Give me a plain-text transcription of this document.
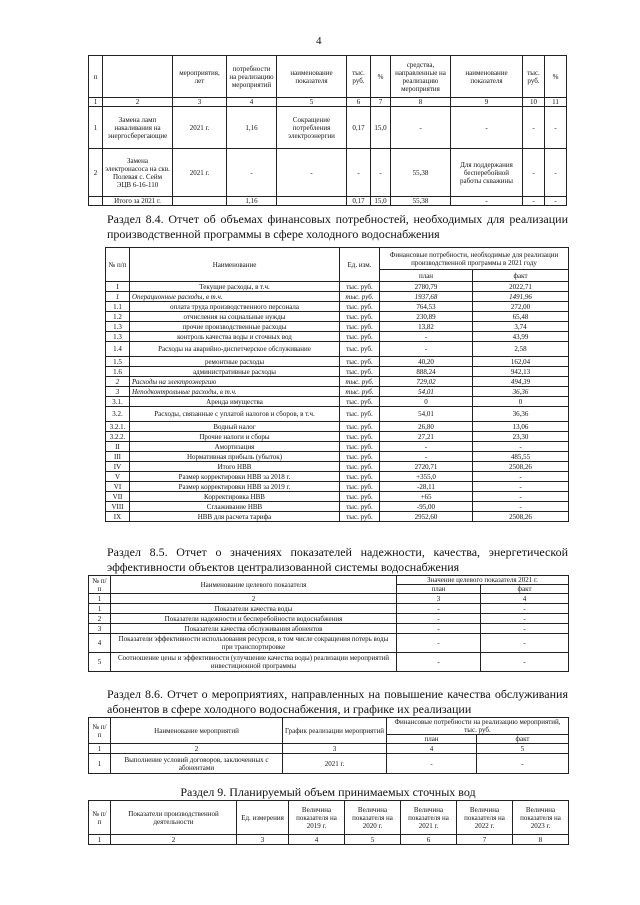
4
п		мероприятия, лет	потребности на реализацию мероприятий	наименование показателя	тыс. руб.	%	средства, направленные на реализацию мероприятия	наименование показателя	тыс. руб.	%
1	2	3	4	5	6	7	8	9	10	11
1	Замена ламп накаливания на энергосберегающие	2021 г.	1,16	Сокращение потребления электроэнергии	0,17	15,0	-	-	-	-
2	Замена электронасоса на скв. Полевая с. Сейм ЭЦВ 6-16-110	2021 г.	-	-	-	-	55,38	Для поддержания бесперебойной работы скважины	-	-
	Итого за 2021 г.		1,16		0,17	15,0	55,38	-	-	-
Раздел 8.4. Отчет об объемах финансовых потребностей, необходимых для реализации производственной программы в сфере холодного водоснабжения
№ п/п	Наименование	Ед. изм.	Финансовые потребности, необходимые для реализации производственной программы в 2021 году	
			план	факт
I	Текущие расходы, в т.ч.	тыс. руб.	2780,79	2022,71
1	Операционные расходы, в т.ч.	тыс. руб.	1937,68	1491,96
1.1	оплата труда производственного персонала	тыс. руб.	764,53	272,00
1.2	отчисления на социальные нужды	тыс. руб.	230,89	65,48
1.3	прочие производственные расходы	тыс. руб.	13,82	3,74
1.3	контроль качества воды и сточных вод	тыс. руб.	-	43,99
1.4	Расходы на аварийно-диспетчерское обслуживание	тыс. руб.	-	2,58
1.5	ремонтные расходы	тыс. руб.	40,20	162,04
1.6	административные расходы	тыс. руб.	888,24	942,13
2	Расходы на электроэнергию	тыс. руб.	729,02	494,39
3	Неподконтрольные расходы, в т.ч.	тыс. руб.	54,01	36,36
3.1.	Аренда имущества	тыс. руб.	0	0
3.2.	Расходы, связанные с уплатой налогов и сборов, в т.ч.	тыс. руб.	54,01	36,36
3.2.1.	Водный налог	тыс. руб.	26,80	13,06
3.2.2.	Прочие налоги и сборы	тыс. руб.	27,21	23,30
II	Амортизация	тыс. руб.	-	-
III	Нормативная прибыль (убыток)	тыс. руб.	-	485,55
IV	Итого НВВ	тыс. руб.	2720,71	2508,26
V	Размер корректировки НВВ за 2018 г.	тыс. руб.	+355,0	-
VI	Размер корректировки НВВ за 2019 г.	тыс. руб.	-28,11	-
VII	Корректировка НВВ	тыс. руб.	+65	-
VIII	Сглаживание НВВ	тыс. руб.	-95,00	-
IX	НВВ для расчета тарифа	тыс. руб.	2952,60	2508,26
Раздел 8.5. Отчет о значениях показателей надежности, качества, энергетической эффективности объектов централизованной системы водоснабжения
№ п/п	Наименование целевого показателя	Значение целевого показателя 2021 г.	
		план	факт
1	2	3	4
1	Показатели качества воды	-	-
2	Показатели надежности и бесперебойности водоснабжения	-	-
3	Показатели качества обслуживания абонентов	-	-
4	Показатели эффективности использования ресурсов, в том числе сокращения потерь воды при транспортировке	-	-
5	Соотношение цены и эффективности (улучшение качества воды) реализации мероприятий инвестиционной программы	-	-
Раздел 8.6. Отчет о мероприятиях, направленных на повышение качества обслуживания абонентов в сфере холодного водоснабжения, и графике их реализации
№ п/п	Наименование мероприятий	График реализации мероприятий	Финансовые потребности на реализацию мероприятий, тыс. руб.	
			план	факт
1	2	3	4	5
1	Выполнение условий договоров, заключенных с абонентами	2021 г.	-	-
Раздел 9. Планируемый объем принимаемых сточных вод
№ п/ п	Показатели производственной деятельности	Ед. измерения	Величина показателя на 2019 г.	Величина показателя на 2020 г.	Величина показателя на 2021 г.	Величина показателя на 2022 г.	Величина показателя на 2023 г.
1	2	3	4	5	6	7	8
